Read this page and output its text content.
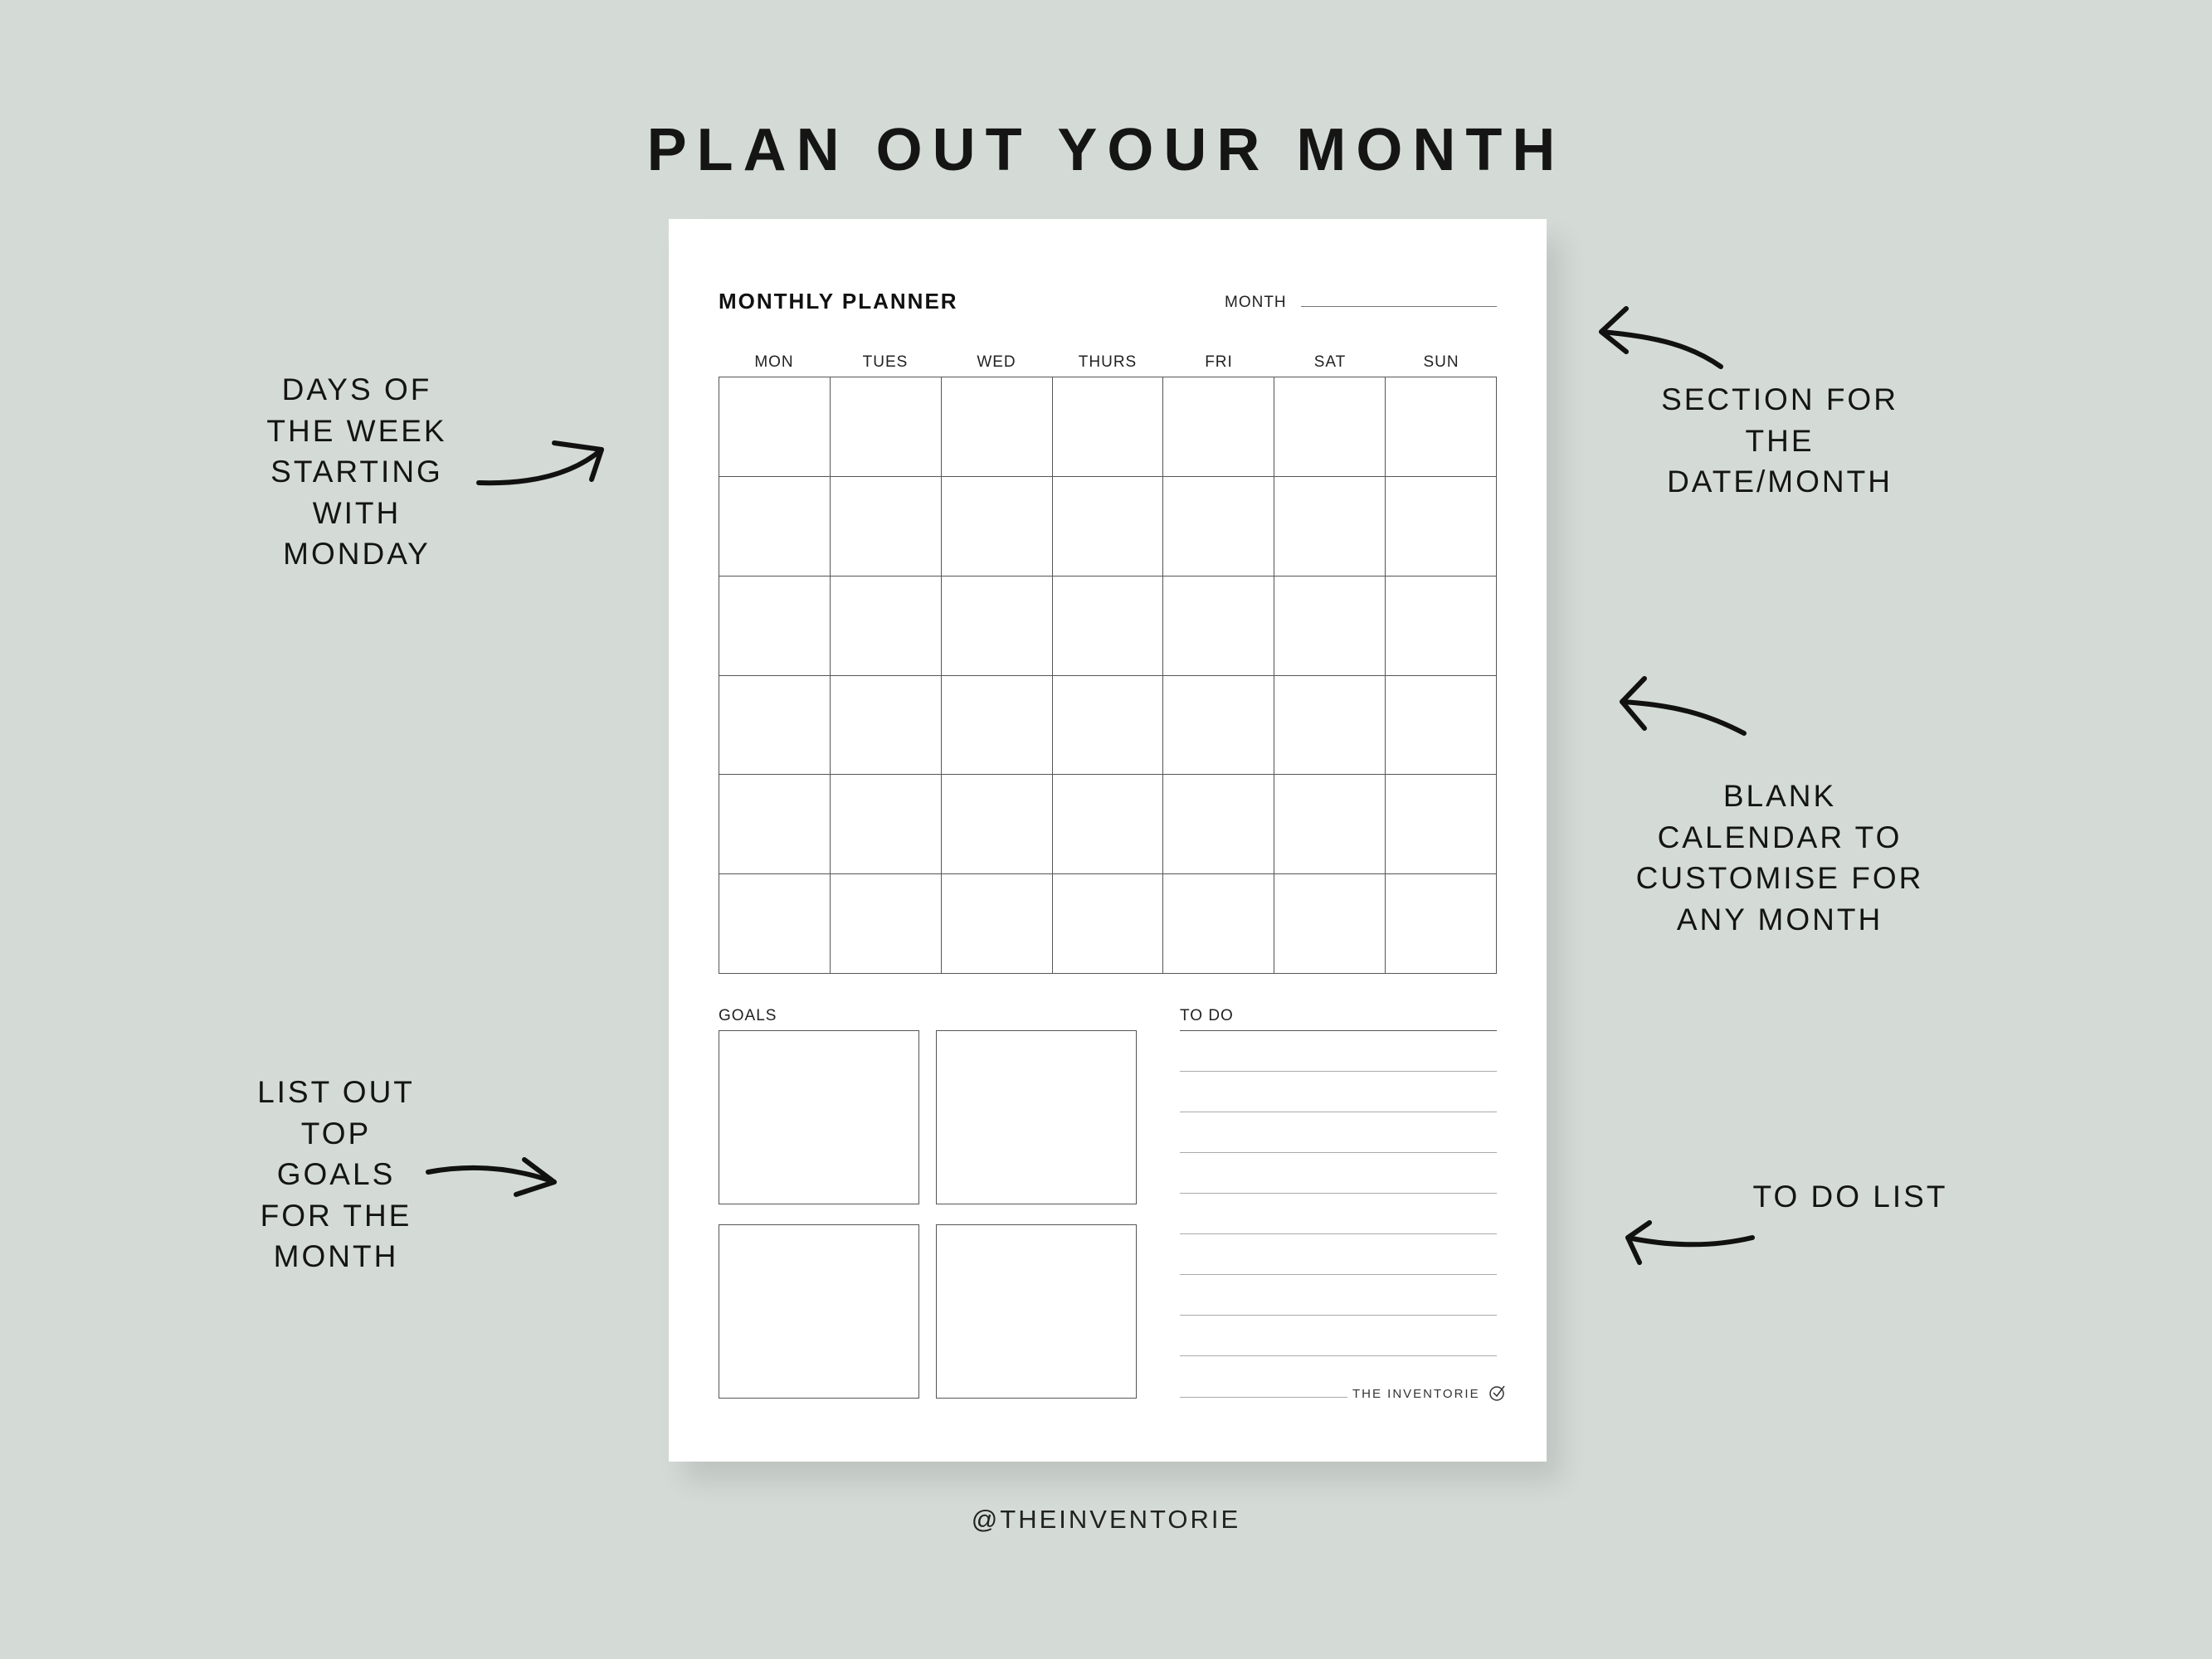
PLAN OUT YOUR MONTH
MONTHLY PLANNER	MONTH
MON	TUES	WED	THURS	FRI	SAT	SUN
GOALS	TO DO
THE INVENTORIE
DAYS OF
THE WEEK
STARTING
WITH
MONDAY
LIST OUT
TOP
GOALS
FOR THE
MONTH
SECTION FOR
THE
DATE/MONTH
BLANK
CALENDAR TO
CUSTOMISE FOR
ANY MONTH
TO DO LIST
@THEINVENTORIE
